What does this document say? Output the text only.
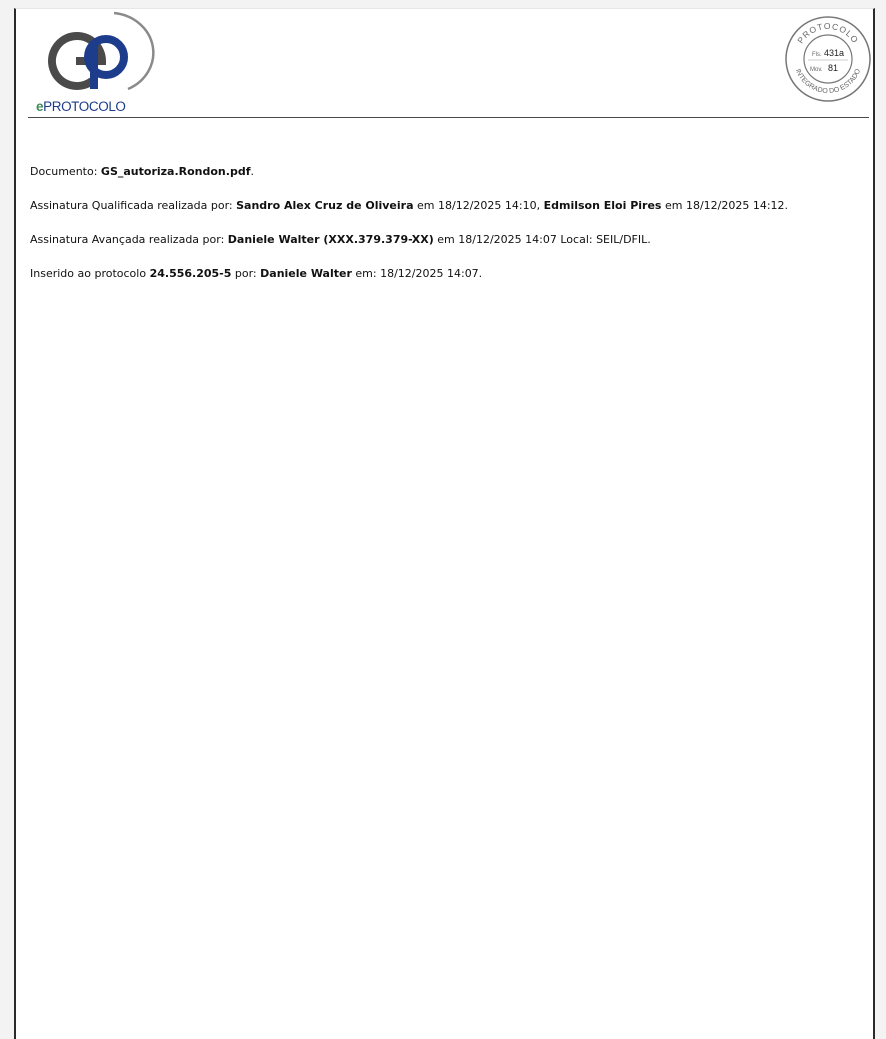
ePROTOCOLO
PROTOCOLO
INTEGRADO DO ESTADO
Fls. 431a
Mov. 81

Documento: GS_autoriza.Rondon.pdf.

Assinatura Qualificada realizada por: Sandro Alex Cruz de Oliveira em 18/12/2025 14:10, Edmilson Eloi Pires em 18/12/2025 14:12.

Assinatura Avançada realizada por: Daniele Walter (XXX.379.379-XX) em 18/12/2025 14:07 Local: SEIL/DFIL.

Inserido ao protocolo 24.556.205-5 por: Daniele Walter em: 18/12/2025 14:07.
